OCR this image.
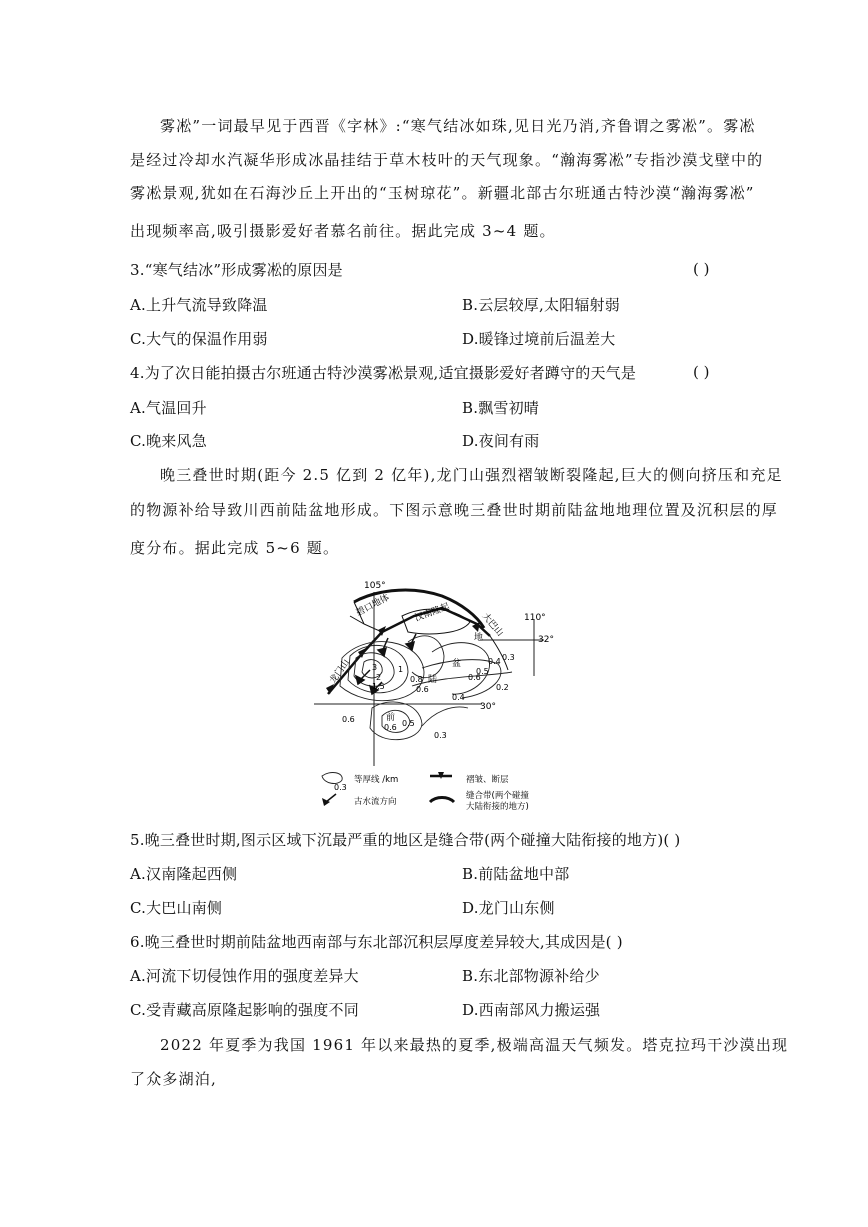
雾凇”一词最早见于西晋《字林》:“寒气结冰如珠,见日光乃消,齐鲁谓之雾凇”。雾凇
是经过冷却水汽凝华形成冰晶挂结于草木枝叶的天气现象。“瀚海雾凇”专指沙漠戈壁中的
雾凇景观,犹如在石海沙丘上开出的“玉树琼花”。新疆北部古尔班通古特沙漠“瀚海雾凇”
出现频率高,吸引摄影爱好者慕名前往。据此完成 3~4 题。
3.“寒气结冰”形成雾凇的原因是	( )
A.上升气流导致降温	B.云层较厚,太阳辐射弱
C.大气的保温作用弱	D.暖锋过境前后温差大
4.为了次日能拍摄古尔班通古特沙漠雾凇景观,适宜摄影爱好者蹲守的天气是	( )
A.气温回升	B.飘雪初晴
C.晚来风急	D.夜间有雨
晚三叠世时期(距今 2.5 亿到 2 亿年),龙门山强烈褶皱断裂隆起,巨大的侧向挤压和充足
的物源补给导致川西前陆盆地形成。下图示意晚三叠世时期前陆盆地地理位置及沉积层的厚
度分布。据此完成 5~6 题。
105°
110°
32°
30°
碧口地体 汉南隆起	大巴山
龙门山
前
陆
盆
地
3
2
1.5
1
0.8
0.6
0.5
0.4 0.3
0.4
0.2
0.6
0.6
0.6 0.5
0.3
0.3
等厚线 /km	褶皱、断层
古水流方向
缝合带(两个碰撞
大陆衔接的地方)
5.晚三叠世时期,图示区域下沉最严重的地区是缝合带(两个碰撞大陆衔接的地方)( )
A.汉南隆起西侧	B.前陆盆地中部
C.大巴山南侧	D.龙门山东侧
6.晚三叠世时期前陆盆地西南部与东北部沉积层厚度差异较大,其成因是( )
A.河流下切侵蚀作用的强度差异大	B.东北部物源补给少
C.受青藏高原隆起影响的强度不同	D.西南部风力搬运强
2022 年夏季为我国 1961 年以来最热的夏季,极端高温天气频发。塔克拉玛干沙漠出现
了众多湖泊,
